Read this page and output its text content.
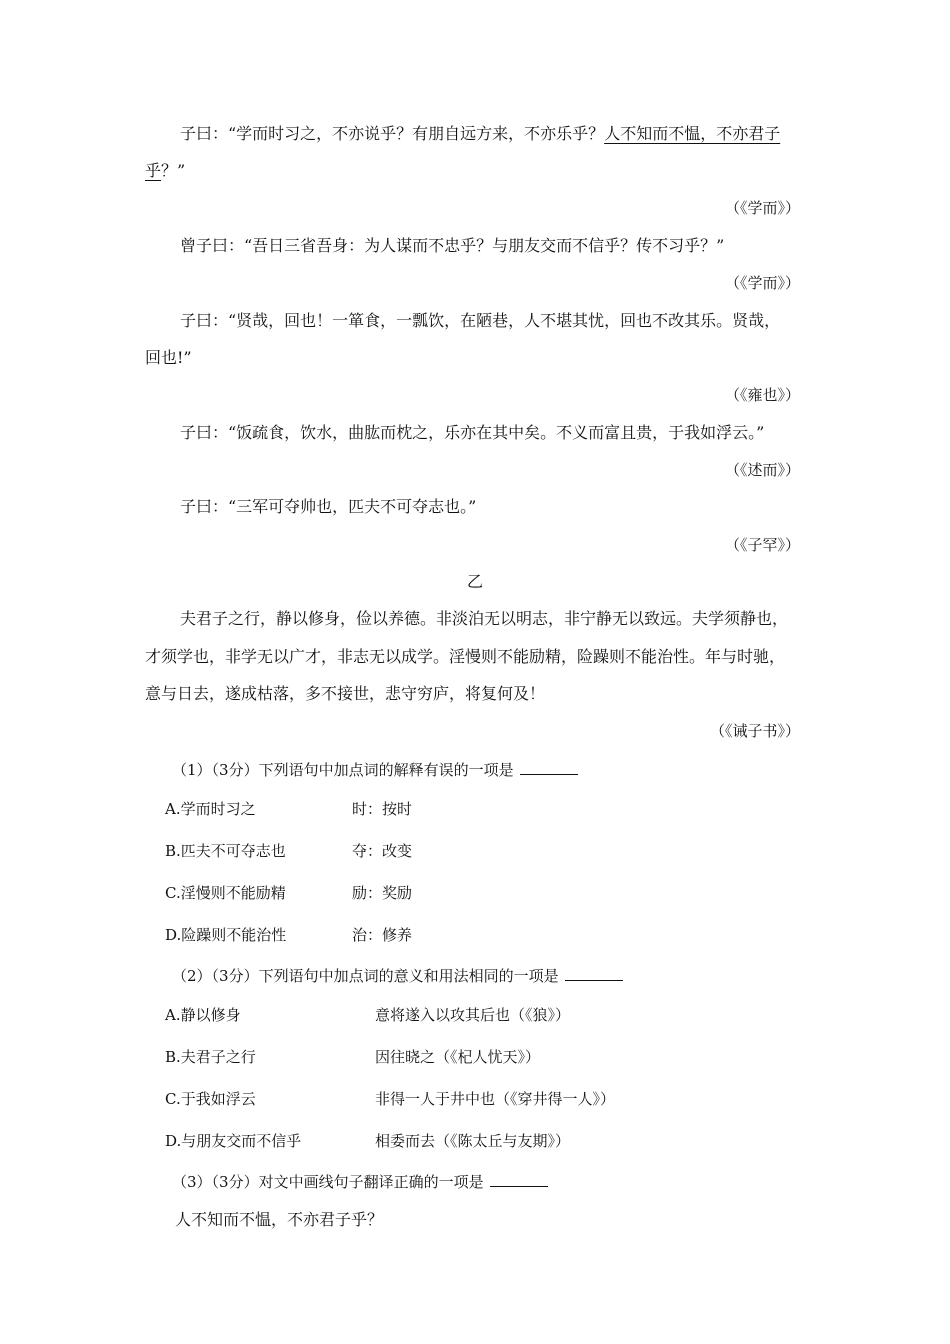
子曰：“学而时习之，不亦说乎？有朋自远方来，不亦乐乎？人不知而不愠，不亦君子
乎？”
（《学而》）
曾子曰：“吾日三省吾身：为人谋而不忠乎？与朋友交而不信乎？传不习乎？”
（《学而》）
子曰：“贤哉，回也！一箪食，一瓢饮，在陋巷，人不堪其忧，回也不改其乐。贤哉，
回也!”
（《雍也》）
子曰：“饭疏食，饮水，曲肱而枕之，乐亦在其中矣。不义而富且贵，于我如浮云。”
（《述而》）
子曰：“三军可夺帅也，匹夫不可夺志也。”
（《子罕》）
乙
夫君子之行，静以修身，俭以养德。非淡泊无以明志，非宁静无以致远。夫学须静也，
才须学也，非学无以广才，非志无以成学。淫慢则不能励精，险躁则不能治性。年与时驰，
意与日去，遂成枯落，多不接世，悲守穷庐，将复何及！
（《诫子书》）
（1）（3分）下列语句中加点词的解释有误的一项是
A.学而时习之	时：按时
B.匹夫不可夺志也	夺：改变
C.淫慢则不能励精	励：奖励
D.险躁则不能治性	治：修养
（2）（3分）下列语句中加点词的意义和用法相同的一项是
A.静以修身	意将遂入以攻其后也（《狼》）
B.夫君子之行	因往晓之（《杞人忧天》）
C.于我如浮云	非得一人于井中也（《穿井得一人》）
D.与朋友交而不信乎	相委而去（《陈太丘与友期》）
（3）（3分）对文中画线句子翻译正确的一项是
人不知而不愠，不亦君子乎？
